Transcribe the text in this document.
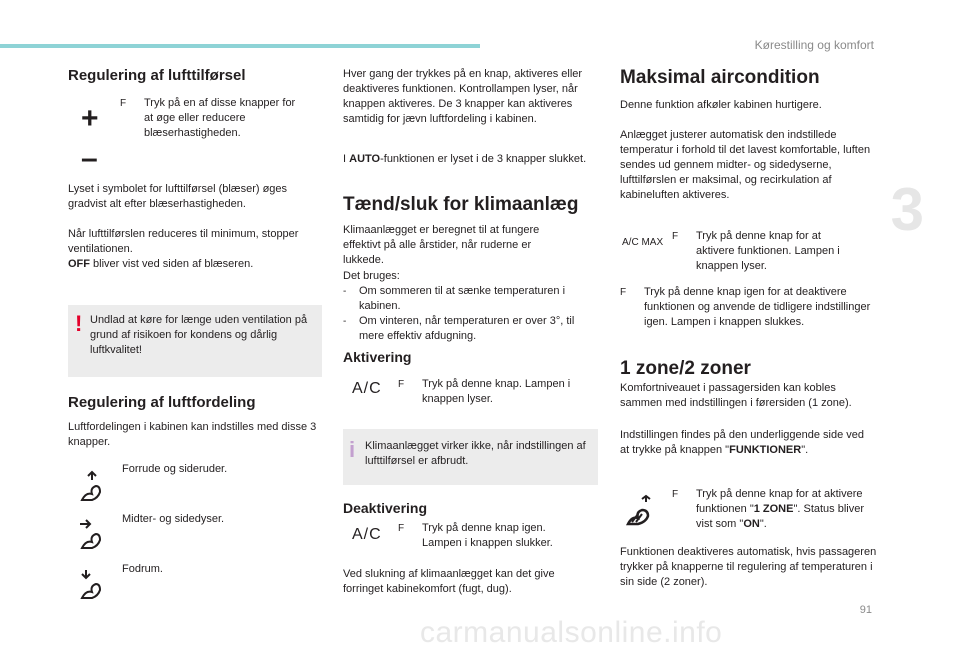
Kørestilling og komfort
3
Regulering af lufttilførsel
+
–
F	Tryk på en af disse knapper for at øge eller reducere blæserhastigheden.

Lyset i symbolet for lufttilførsel (blæser) øges gradvist alt efter blæserhastigheden.

Når lufttilførslen reduceres til minimum, stopper ventilationen.

OFF bliver vist ved siden af blæseren.

! Undlad at køre for længe uden ventilation på grund af risikoen for kondens og dårlig luftkvalitet!
Regulering af luftfordeling

Luftfordelingen i kabinen kan indstilles med disse 3 knapper.

Forrude og sideruder.
Midter- og sidedyser.
Fodrum.

Hver gang der trykkes på en knap, aktiveres eller deaktiveres funktionen. Kontrollampen lyser, når knappen aktiveres. De 3 knapper kan aktiveres samtidig for jævn luftfordeling i kabinen.

I AUTO-funktionen er lyset i de 3 knapper slukket.

Tænd/sluk for klimaanlæg

Klimaanlægget er beregnet til at fungere effektivt på alle årstider, når ruderne er lukkede.

Det bruges:

-	Om sommeren til at sænke temperaturen i kabinen.
-	Om vinteren, når temperaturen er over 3°, til mere effektiv afdugning.
Aktivering
A/C F	Tryk på denne knap. Lampen i knappen lyser.
i Klimaanlægget virker ikke, når indstillingen af lufttilførsel er afbrudt.
Deaktivering
A/C F	Tryk på denne knap igen. Lampen i knappen slukker.

Ved slukning af klimaanlægget kan det give forringet kabinekomfort (fugt, dug).

Maksimal aircondition

Denne funktion afkøler kabinen hurtigere.

Anlægget justerer automatisk den indstillede temperatur i forhold til det lavest komfortable, luften sendes ud gennem midter- og sidedyserne, lufttilførslen er maksimal, og recirkulation af kabineluften aktiveres.

A/C MAX
F	Tryk på denne knap for at aktivere funktionen. Lampen i knappen lyser.
F	Tryk på denne knap igen for at deaktivere funktionen og anvende de tidligere indstillinger igen. Lampen i knappen slukkes.
1 zone/2 zoner

Komfortniveauet i passagersiden kan kobles sammen med indstillingen i førersiden (1 zone).

Indstillingen findes på den underliggende side ved at trykke på knappen "FUNKTIONER".

F	Tryk på denne knap for at aktivere funktionen "1 ZONE". Status bliver vist som "ON".

Funktionen deaktiveres automatisk, hvis passageren trykker på knapperne til regulering af temperaturen i sin side (2 zoner).

91
carmanualsonline.info
